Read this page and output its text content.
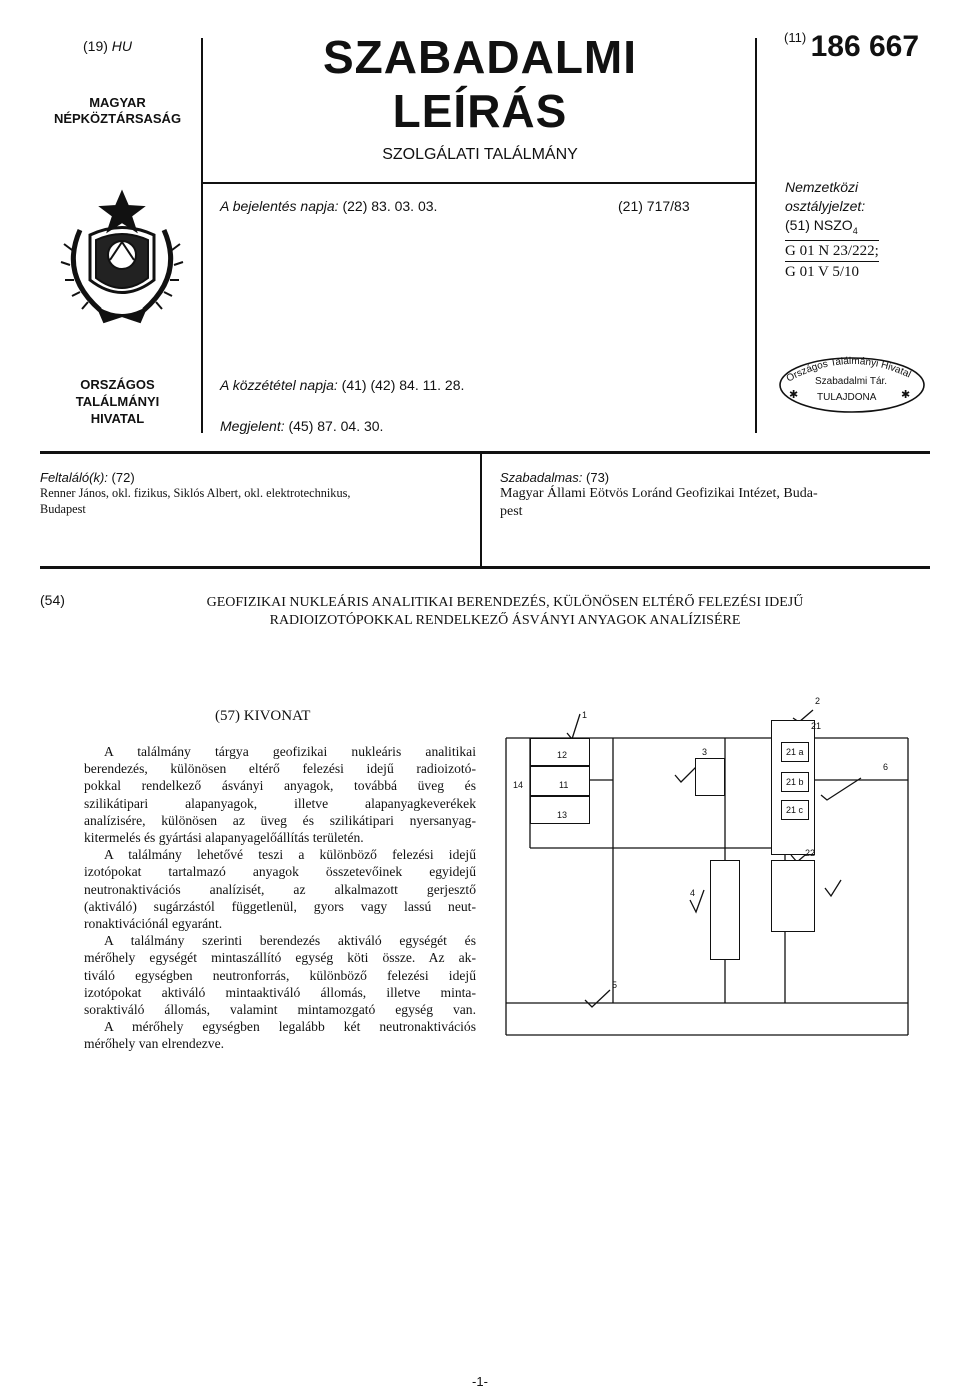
(19) HU
MAGYAR
NÉPKÖZTÁRSASÁG
SZABADALMI
LEÍRÁS
SZOLGÁLATI TALÁLMÁNY
$^{(11)}$ 186 667
A bejelentés napja: (22) 83. 03. 03.	(21) 717/83
Nemzetközi
osztályjelzet:
(51) $NSZO_4$
G 01 N 23/222;
G 01 V 5/10
ORSZÁGOS
TALÁLMÁNYI
HIVATAL
A közzététel napja: (41) (42) 84. 11. 28.
Megjelent: (45) 87. 04. 30.
Országos Találmányi Hivatal
Szabadalmi Tár.
TULAJDONA
✱	✱
Feltaláló(k): (72)
Renner János, okl. fizikus, Siklós Albert, okl. elektrotechnikus,
Budapest
Szabadalmas: (73)
Magyar Állami Eötvös Loránd Geofizikai Intézet, Buda-
pest
(54)	GEOFIZIKAI NUKLEÁRIS ANALITIKAI BERENDEZÉS, KÜLÖNÖSEN ELTÉRŐ FELEZÉSI IDEJŰ
RADIOIZOTÓPOKKAL RENDELKEZŐ ÁSVÁNYI ANYAGOK ANALÍZISÉRE
(57) KIVONAT
A találmány tárgya geofizikai nukleáris analitikai
berendezés, különösen eltérő felezési idejű radioizotó-
pokkal rendelkező ásványi anyagok, továbbá üveg és
szilikátipari alapanyagok, illetve alapanyagkeverékek
analízisére, különösen az üveg és szilikátipari nyersanyag-
kitermelés és gyártási alapanyagelőállítás területén.
A találmány lehetővé teszi a különböző felezési idejű
izotópokat tartalmazó anyagok összetevőinek egyidejű
neutronaktivációs analízisét, az alkalmazott gerjesztő
(aktiváló) sugárzástól függetlenül, gyors vagy lassú neut-
ronaktivációnál egyaránt.
A találmány szerinti berendezés aktiváló egységét és
mérőhely egységét mintaszállító egység köti össze. Az ak-
tiváló egységben neutronforrás, különböző felezési idejű
izotópokat aktiváló mintaaktiváló állomás, illetve minta-
soraktiváló állomás, valamint mintamozgató egység van.
A mérőhely egységben legalább két neutronaktivációs
mérőhely van elrendezve.
1
2
21
3
12
11
13
14
21 a
21 b
21 c
6
22
4
5
-1-
